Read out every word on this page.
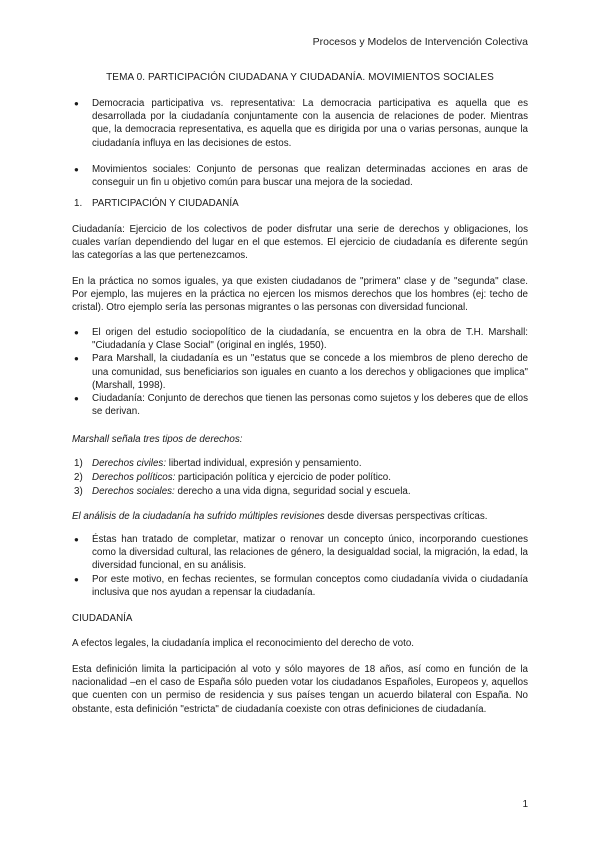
Procesos y Modelos de Intervención Colectiva
TEMA 0. PARTICIPACIÓN CIUDADANA Y CIUDADANÍA. MOVIMIENTOS SOCIALES
● Democracia participativa vs. representativa: La democracia participativa es aquella que es desarrollada por la ciudadanía conjuntamente con la ausencia de relaciones de poder. Mientras que, la democracia representativa, es aquella que es dirigida por una o varias personas, aunque la ciudadanía influya en las decisiones de estos.
● Movimientos sociales: Conjunto de personas que realizan determinadas acciones en aras de conseguir un fin u objetivo común para buscar una mejora de la sociedad.
1. PARTICIPACIÓN Y CIUDADANÍA
Ciudadanía: Ejercicio de los colectivos de poder disfrutar una serie de derechos y obligaciones, los cuales varían dependiendo del lugar en el que estemos. El ejercicio de ciudadanía es diferente según las categorías a las que pertenezcamos.
En la práctica no somos iguales, ya que existen ciudadanos de "primera" clase y de "segunda" clase. Por ejemplo, las mujeres en la práctica no ejercen los mismos derechos que los hombres (ej: techo de cristal). Otro ejemplo sería las personas migrantes o las personas con diversidad funcional.
● El origen del estudio sociopolítico de la ciudadanía, se encuentra en la obra de T.H. Marshall: "Ciudadanía y Clase Social" (original en inglés, 1950).
● Para Marshall, la ciudadanía es un "estatus que se concede a los miembros de pleno derecho de una comunidad, sus beneficiarios son iguales en cuanto a los derechos y obligaciones que implica" (Marshall, 1998).
● Ciudadanía: Conjunto de derechos que tienen las personas como sujetos y los deberes que de ellos se derivan.
Marshall señala tres tipos de derechos:
1) Derechos civiles: libertad individual, expresión y pensamiento.
2) Derechos políticos: participación política y ejercicio de poder político.
3) Derechos sociales: derecho a una vida digna, seguridad social y escuela.
El análisis de la ciudadanía ha sufrido múltiples revisiones desde diversas perspectivas críticas.
● Éstas han tratado de completar, matizar o renovar un concepto único, incorporando cuestiones como la diversidad cultural, las relaciones de género, la desigualdad social, la migración, la edad, la diversidad funcional, en su análisis.
● Por este motivo, en fechas recientes, se formulan conceptos como ciudadanía vivida o ciudadanía inclusiva que nos ayudan a repensar la ciudadanía.
CIUDADANÍA
A efectos legales, la ciudadanía implica el reconocimiento del derecho de voto.
Esta definición limita la participación al voto y sólo mayores de 18 años, así como en función de la nacionalidad –en el caso de España sólo pueden votar los ciudadanos Españoles, Europeos y, aquellos que cuenten con un permiso de residencia y sus países tengan un acuerdo bilateral con España. No obstante, esta definición "estricta" de ciudadanía coexiste con otras definiciones de ciudadanía.
1
